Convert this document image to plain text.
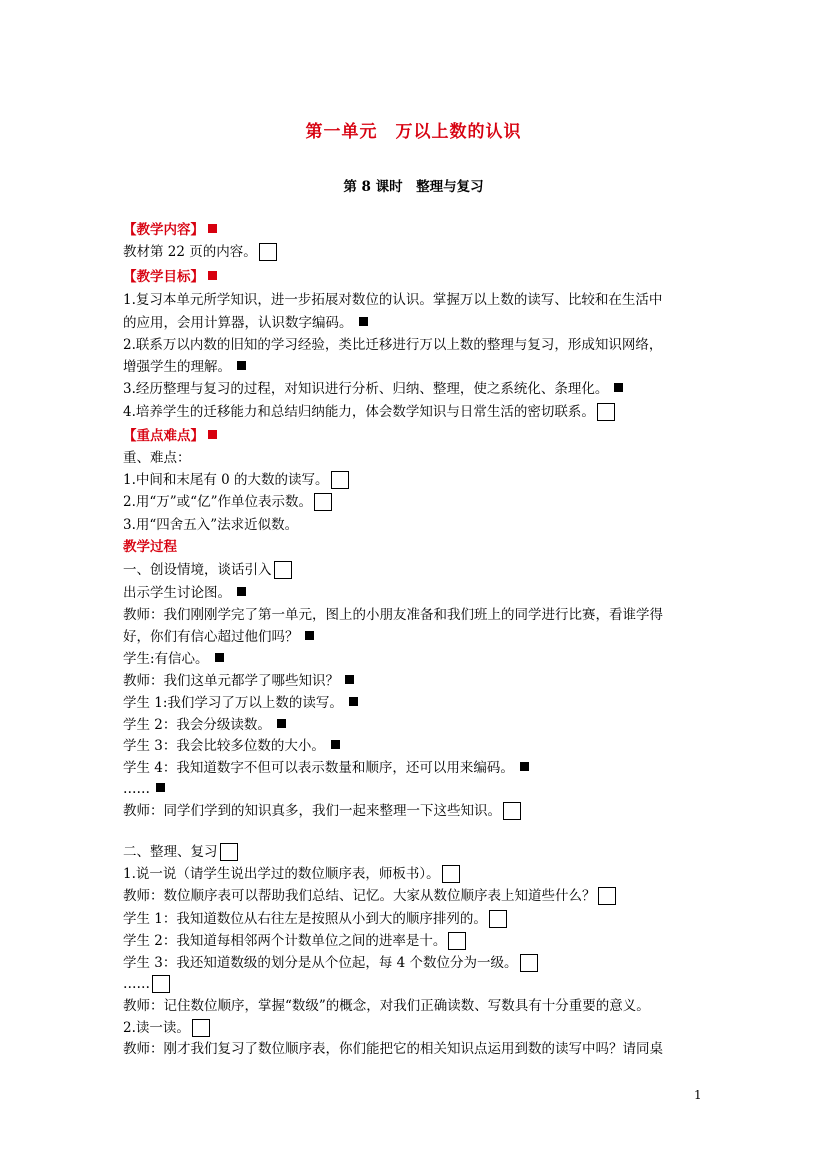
第一单元　万以上数的认识
第 8 课时　整理与复习
【教学内容】
教材第 22 页的内容。
【教学目标】
1.复习本单元所学知识，进一步拓展对数位的认识。掌握万以上数的读写、比较和在生活中
的应用，会用计算器，认识数字编码。
2.联系万以内数的旧知的学习经验，类比迁移进行万以上数的整理与复习，形成知识网络，
增强学生的理解。
3.经历整理与复习的过程，对知识进行分析、归纳、整理，使之系统化、条理化。
4.培养学生的迁移能力和总结归纳能力，体会数学知识与日常生活的密切联系。
【重点难点】
重、难点：
1.中间和末尾有 0 的大数的读写。
2.用“万”或“亿”作单位表示数。
3.用“四舍五入”法求近似数。
教学过程
一、创设情境，谈话引入
出示学生讨论图。
教师：我们刚刚学完了第一单元，图上的小朋友准备和我们班上的同学进行比赛，看谁学得
好，你们有信心超过他们吗？
学生:有信心。
教师：我们这单元都学了哪些知识？
学生 1:我们学习了万以上数的读写。
学生 2：我会分级读数。
学生 3：我会比较多位数的大小。
学生 4：我知道数字不但可以表示数量和顺序，还可以用来编码。
……
教师：同学们学到的知识真多，我们一起来整理一下这些知识。
二、整理、复习
1.说一说（请学生说出学过的数位顺序表，师板书）。
教师：数位顺序表可以帮助我们总结、记忆。大家从数位顺序表上知道些什么？
学生 1：我知道数位从右往左是按照从小到大的顺序排列的。
学生 2：我知道每相邻两个计数单位之间的进率是十。
学生 3：我还知道数级的划分是从个位起，每 4 个数位分为一级。
……
教师：记住数位顺序，掌握“数级”的概念，对我们正确读数、写数具有十分重要的意义。
2.读一读。
教师：刚才我们复习了数位顺序表，你们能把它的相关知识点运用到数的读写中吗？请同桌
1
